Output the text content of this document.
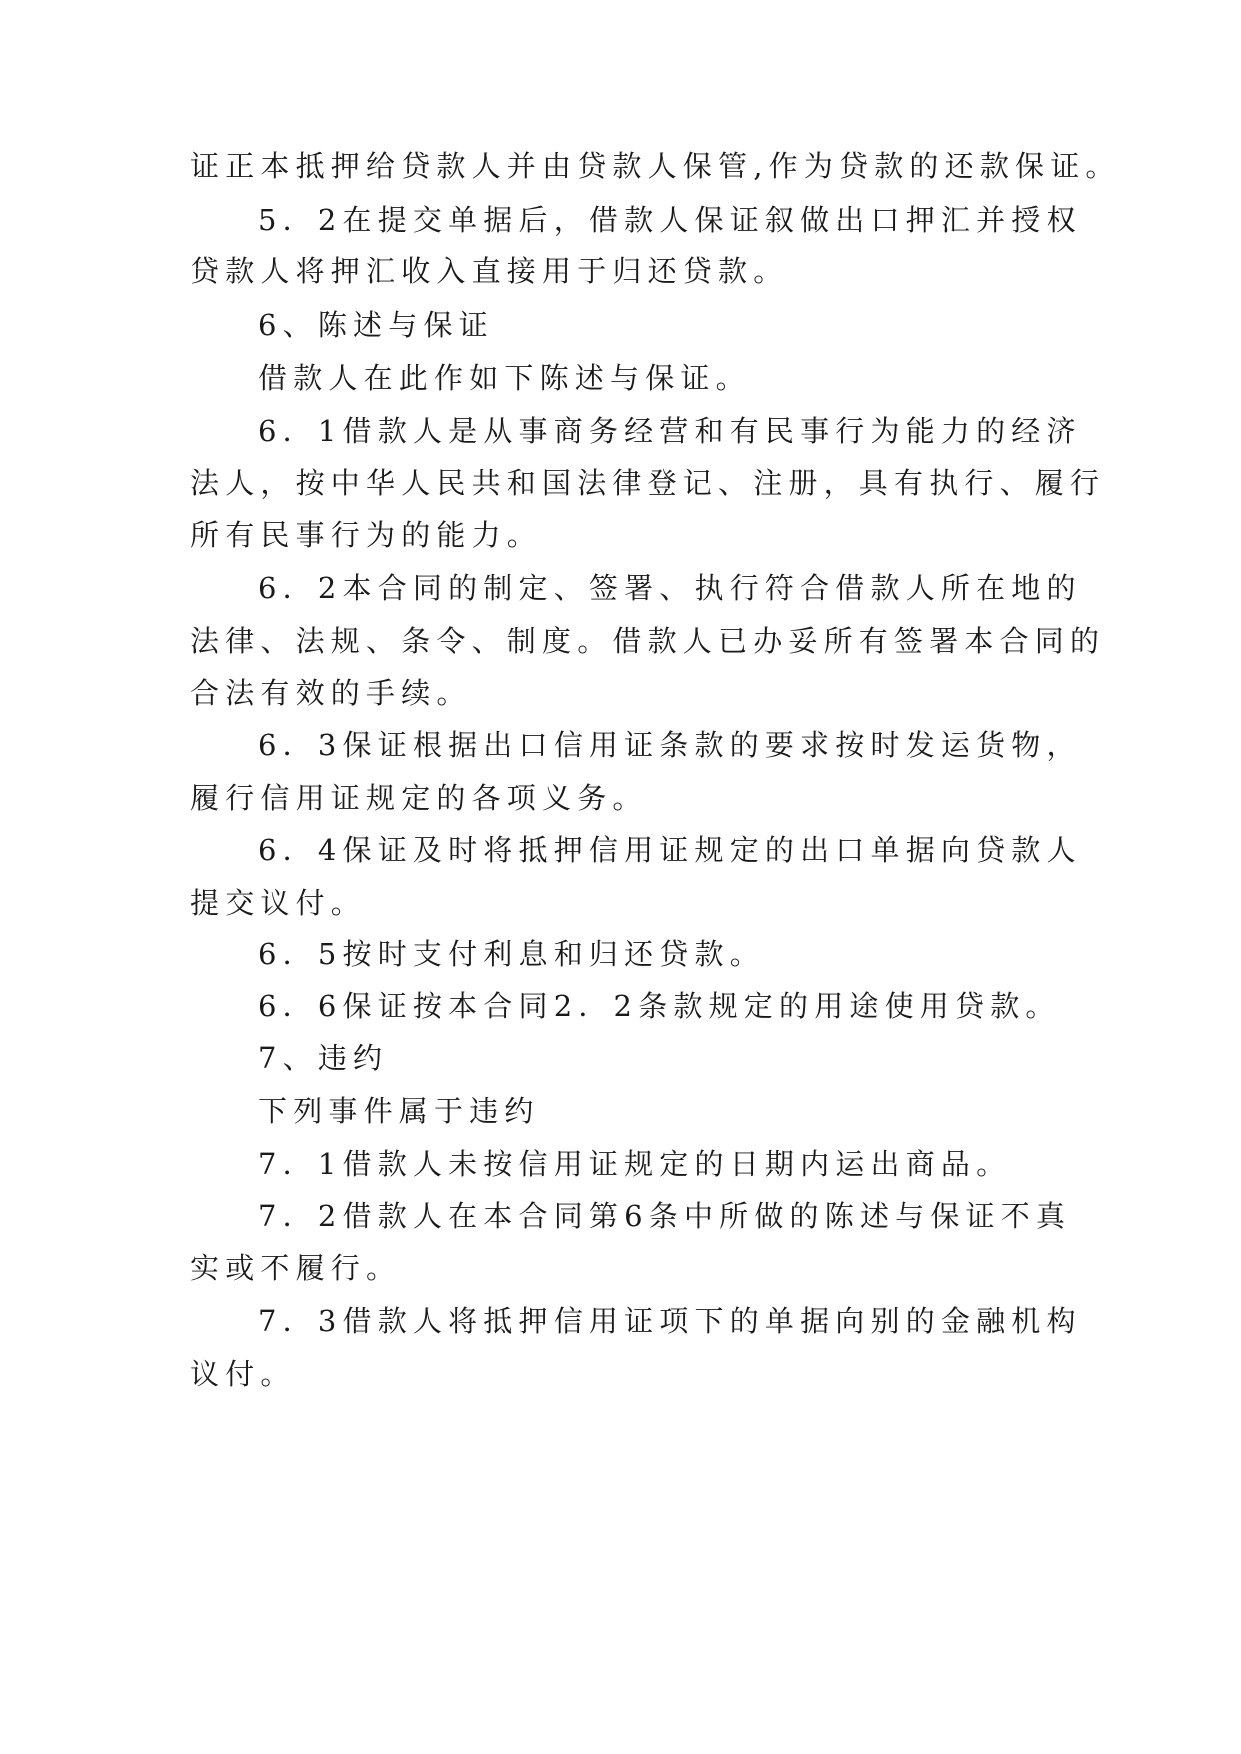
证正本抵押给贷款人并由贷款人保管,作为贷款的还款保证。
5．2在提交单据后，借款人保证叙做出口押汇并授权
贷款人将押汇收入直接用于归还贷款。
6、陈述与保证
借款人在此作如下陈述与保证。
6．1借款人是从事商务经营和有民事行为能力的经济
法人，按中华人民共和国法律登记、注册，具有执行、履行
所有民事行为的能力。
6．2本合同的制定、签署、执行符合借款人所在地的
法律、法规、条令、制度。借款人已办妥所有签署本合同的
合法有效的手续。
6．3保证根据出口信用证条款的要求按时发运货物，
履行信用证规定的各项义务。
6．4保证及时将抵押信用证规定的出口单据向贷款人
提交议付。
6．5按时支付利息和归还贷款。
6．6保证按本合同2．2条款规定的用途使用贷款。
7、违约
下列事件属于违约
7．1借款人未按信用证规定的日期内运出商品。
7．2借款人在本合同第6条中所做的陈述与保证不真
实或不履行。
7．3借款人将抵押信用证项下的单据向别的金融机构
议付。
